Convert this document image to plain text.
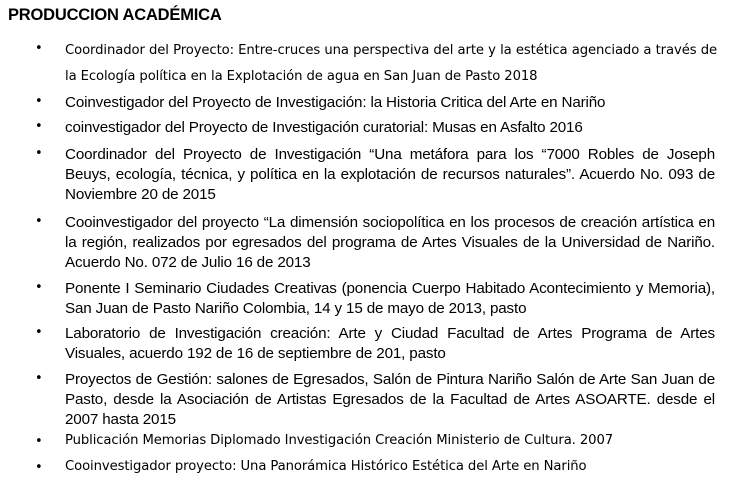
PRODUCCION ACADÉMICA
• Coordinador del Proyecto: Entre-cruces una perspectiva del arte y la estética agenciado a través de la Ecología política en la Explotación de agua en San Juan de Pasto 2018
• Coinvestigador del Proyecto de Investigación: la Historia Critica del Arte en Nariño
• coinvestigador del Proyecto de Investigación curatorial: Musas en Asfalto 2016
• Coordinador del Proyecto de Investigación “Una metáfora para los “7000 Robles de Joseph Beuys, ecología, técnica, y política en la explotación de recursos naturales”. Acuerdo No. 093 de Noviembre 20 de 2015
• Cooinvestigador del proyecto “La dimensión sociopolítica en los procesos de creación artística en la región, realizados por egresados del programa de Artes Visuales de la Universidad de Nariño. Acuerdo No. 072 de Julio 16 de 2013
• Ponente I Seminario Ciudades Creativas (ponencia Cuerpo Habitado Acontecimiento y Memoria), San Juan de Pasto Nariño Colombia, 14 y 15 de mayo de 2013, pasto
• Laboratorio de Investigación creación: Arte y Ciudad Facultad de Artes Programa de Artes Visuales, acuerdo 192 de 16 de septiembre de 201, pasto
• Proyectos de Gestión: salones de Egresados, Salón de Pintura Nariño Salón de Arte San Juan de Pasto, desde la Asociación de Artistas Egresados de la Facultad de Artes ASOARTE. desde el 2007 hasta 2015
• Publicación Memorias Diplomado Investigación Creación Ministerio de Cultura. 2007
• Cooinvestigador proyecto: Una Panorámica Histórico Estética del Arte en Nariño
